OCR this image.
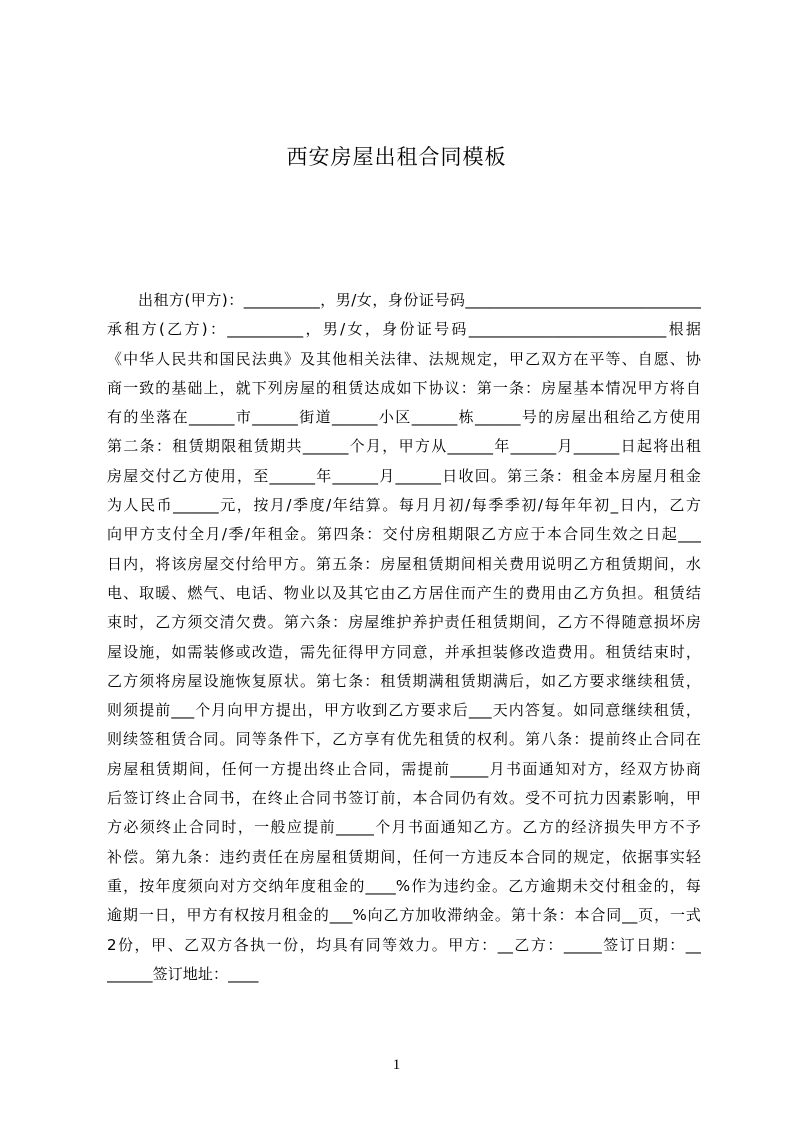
西安房屋出租合同模板
出租方(甲方)：__________，男/女，身份证号码_______________________________
承租方(乙方)：__________，男/女，身份证号码__________________________根据
《中华人民共和国民法典》及其他相关法律、法规规定，甲乙双方在平等、自愿、协
商一致的基础上，就下列房屋的租赁达成如下协议：第一条：房屋基本情况甲方将自
有的坐落在______市______街道______小区______栋______号的房屋出租给乙方使用
第二条：租赁期限租赁期共______个月，甲方从______年______月______日起将出租
房屋交付乙方使用，至______年______月______日收回。第三条：租金本房屋月租金
为人民币______元，按月/季度/年结算。每月月初/每季季初/每年年初_日内，乙方
向甲方支付全月/季/年租金。第四条：交付房租期限乙方应于本合同生效之日起___
日内，将该房屋交付给甲方。第五条：房屋租赁期间相关费用说明乙方租赁期间，水
电、取暖、燃气、电话、物业以及其它由乙方居住而产生的费用由乙方负担。租赁结
束时，乙方须交清欠费。第六条：房屋维护养护责任租赁期间，乙方不得随意损坏房
屋设施，如需装修或改造，需先征得甲方同意，并承担装修改造费用。租赁结束时，
乙方须将房屋设施恢复原状。第七条：租赁期满租赁期满后，如乙方要求继续租赁，
则须提前___个月向甲方提出，甲方收到乙方要求后___天内答复。如同意继续租赁，
则续签租赁合同。同等条件下，乙方享有优先租赁的权利。第八条：提前终止合同在
房屋租赁期间，任何一方提出终止合同，需提前_____月书面通知对方，经双方协商
后签订终止合同书，在终止合同书签订前，本合同仍有效。受不可抗力因素影响，甲
方必须终止合同时，一般应提前_____个月书面通知乙方。乙方的经济损失甲方不予
补偿。第九条：违约责任在房屋租赁期间，任何一方违反本合同的规定，依据事实轻
重，按年度须向对方交纳年度租金的____%作为违约金。乙方逾期未交付租金的，每
逾期一日，甲方有权按月租金的___%向乙方加收滞纳金。第十条：本合同__页，一式
2份，甲、乙双方各执一份，均具有同等效力。甲方：__乙方：_____签订日期：__
______签订地址：____
1
